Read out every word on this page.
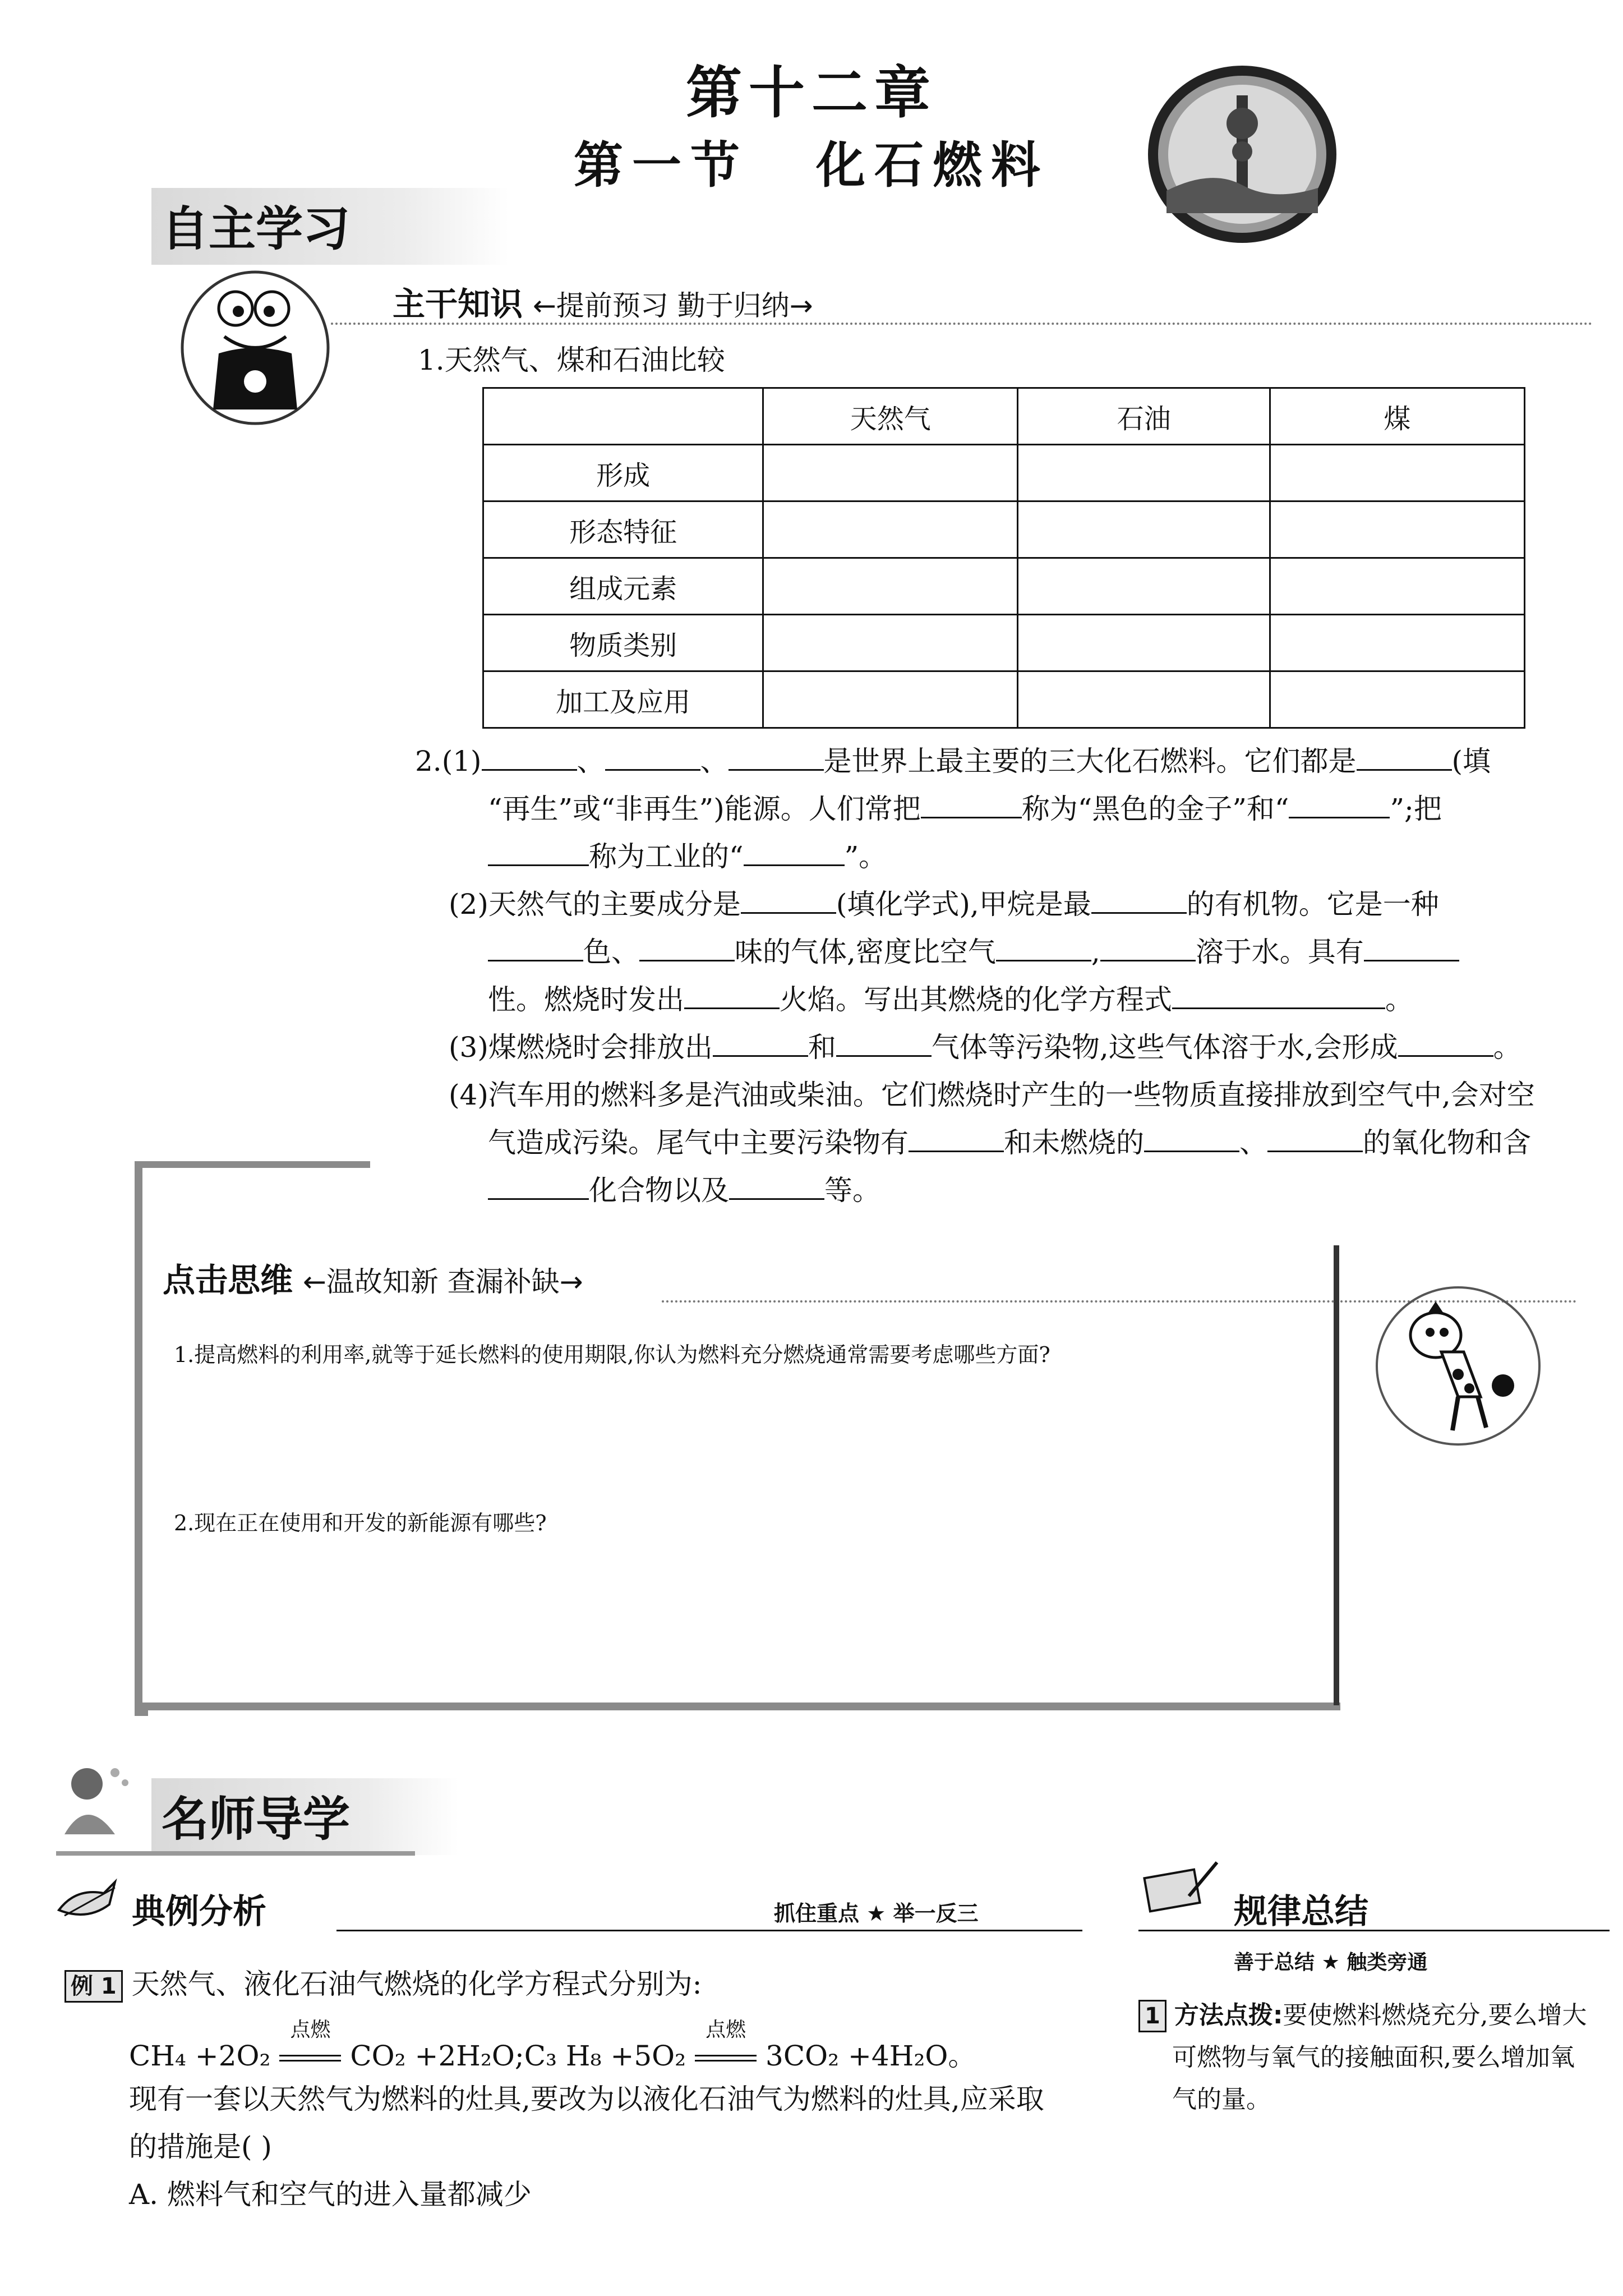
第十二章
第一节 化石燃料
自主学习
主干知识 ←提前预习 勤于归纳→
1.天然气、煤和石油比较
	天然气	石油	煤
形成			
形态特征			
组成元素			
物质类别			
加工及应用			
2.(1)	、	、	是世界上最主要的三大化石燃料。它们都是	(填
“再生”或“非再生”)能源。人们常把	称为“黑色的金子”和“	”;把
称为工业的“	”。
(2)天然气的主要成分是	(填化学式),甲烷是最	的有机物。它是一种
色、	味的气体,密度比空气	,	溶于水。具有
性。燃烧时发出	火焰。写出其燃烧的化学方程式	。
(3)煤燃烧时会排放出	和	气体等污染物,这些气体溶于水,会形成	。
(4)汽车用的燃料多是汽油或柴油。它们燃烧时产生的一些物质直接排放到空气中,会对空
气造成污染。尾气中主要污染物有	和未燃烧的	、	的氧化物和含
化合物以及	等。
点击思维 ←温故知新 查漏补缺→
1.提高燃料的利用率,就等于延长燃料的使用期限,你认为燃料充分燃烧通常需要考虑哪些方面?
2.现在正在使用和开发的新能源有哪些?
名师导学
典例分析	抓住重点 ★ 举一反三	规律总结
善于总结 ★ 触类旁通
例 1 天然气、液化石油气燃烧的化学方程式分别为:
CH₄ +2O₂
点燃
CO₂ +2H₂O;C₃ H₈ +5O₂
点燃
3CO₂ +4H₂O。
现有一套以天然气为燃料的灶具,要改为以液化石油气为燃料的灶具,应采取
的措施是( )
A. 燃料气和空气的进入量都减少
1 方法点拨:要使燃料燃烧充分,要么增大
可燃物与氧气的接触面积,要么增加氧
气的量。
